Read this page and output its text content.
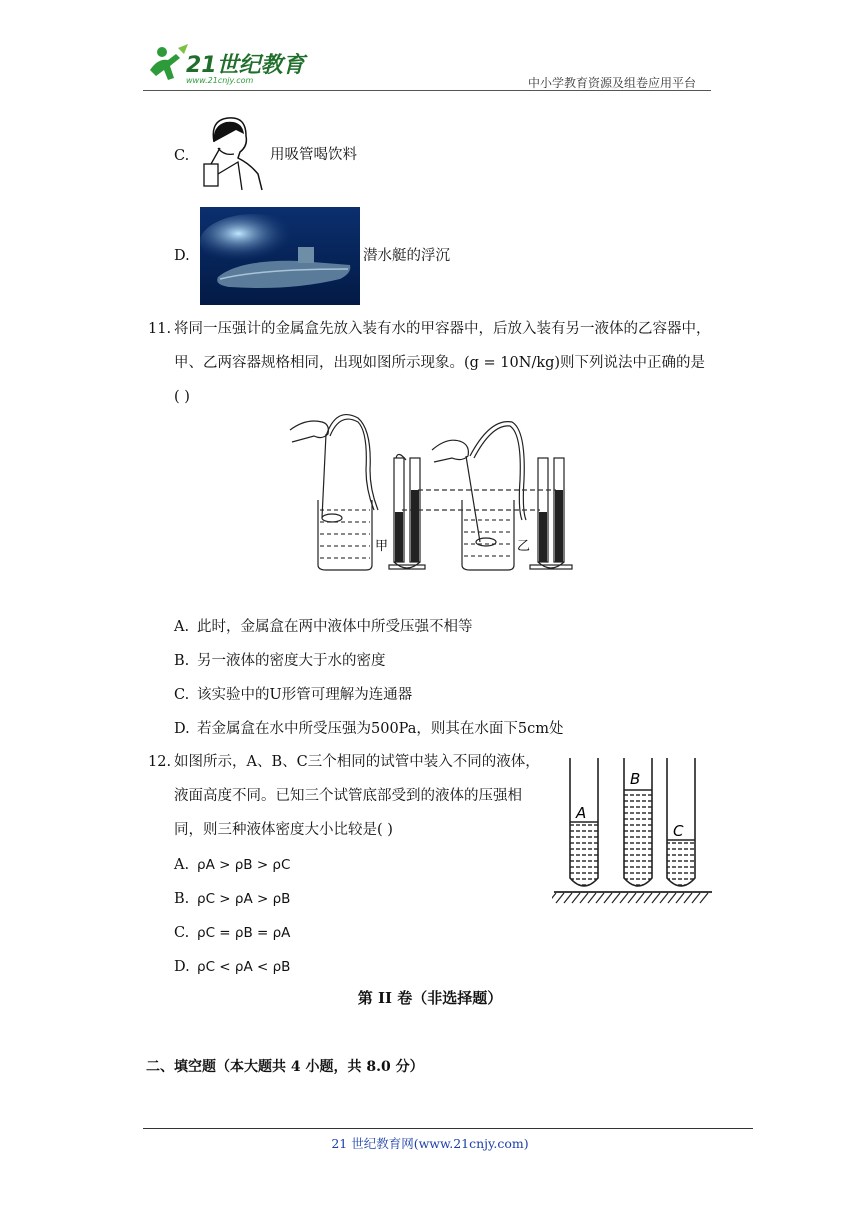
21世纪教育
www.21cnjy.com	中小学教育资源及组卷应用平台
C.	用吸管喝饮料
D.	潜水艇的浮沉
11. 将同一压强计的金属盒先放入装有水的甲容器中，后放入装有另一液体的乙容器中，
甲、乙两容器规格相同，出现如图所示现象。(g = 10N/kg)则下列说法中正确的是
( )
甲	乙
A. 此时，金属盒在两中液体中所受压强不相等
B. 另一液体的密度大于水的密度
C. 该实验中的U形管可理解为连通器
D. 若金属盒在水中所受压强为500Pa，则其在水面下5cm处
12. 如图所示，A、B、C三个相同的试管中装入不同的液体，
液面高度不同。已知三个试管底部受到的液体的压强相
同，则三种液体密度大小比较是( )
A. ρA > ρB > ρC
B. ρC > ρA > ρB
C. ρC = ρB = ρA
D. ρC < ρA < ρB
A
B
C
第 II 卷（非选择题）
二、填空题（本大题共 4 小题，共 8.0 分）
21 世纪教育网(www.21cnjy.com)
